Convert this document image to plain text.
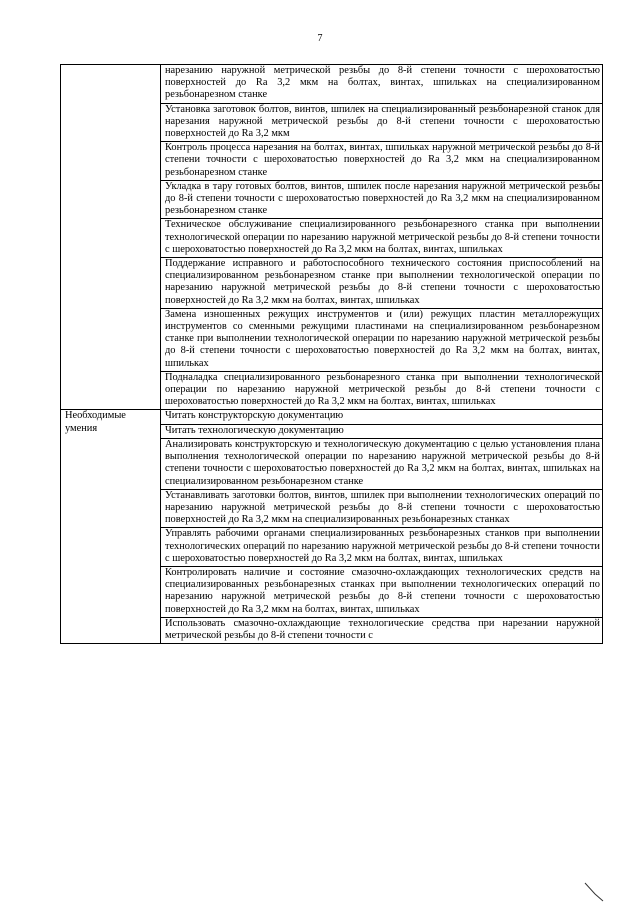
7
	нарезанию наружной метрической резьбы до 8-й степени точности с шероховатостью поверхностей до Ra 3,2 мкм на болтах, винтах, шпильках на специализированном резьбонарезном станке
	Установка заготовок болтов, винтов, шпилек на специализированный резьбонарезной станок для нарезания наружной метрической резьбы до 8-й степени точности с шероховатостью поверхностей до Ra 3,2 мкм
	Контроль процесса нарезания на болтах, винтах, шпильках наружной метрической резьбы до 8-й степени точности с шероховатостью поверхностей до Ra 3,2 мкм на специализированном резьбонарезном станке
	Укладка в тару готовых болтов, винтов, шпилек после нарезания наружной метрической резьбы до 8-й степени точности с шероховатостью поверхностей до Ra 3,2 мкм на специализированном резьбонарезном станке
	Техническое обслуживание специализированного резьбонарезного станка при выполнении технологической операции по нарезанию наружной метрической резьбы до 8-й степени точности с шероховатостью поверхностей до Ra 3,2 мкм на болтах, винтах, шпильках
	Поддержание исправного и работоспособного технического состояния приспособлений на специализированном резьбонарезном станке при выполнении технологической операции по нарезанию наружной метрической резьбы до 8-й степени точности с шероховатостью поверхностей до Ra 3,2 мкм на болтах, винтах, шпильках
	Замена изношенных режущих инструментов и (или) режущих пластин металлорежущих инструментов со сменными режущими пластинами на специализированном резьбонарезном станке при выполнении технологической операции по нарезанию наружной метрической резьбы до 8-й степени точности с шероховатостью поверхностей до Ra 3,2 мкм на болтах, винтах, шпильках
	Подналадка специализированного резьбонарезного станка при выполнении технологической операции по нарезанию наружной метрической резьбы до 8-й степени точности с шероховатостью поверхностей до Ra 3,2 мкм на болтах, винтах, шпильках
Необходимые умения	Читать конструкторскую документацию
	Читать технологическую документацию
	Анализировать конструкторскую и технологическую документацию с целью установления плана выполнения технологической операции по нарезанию наружной метрической резьбы до 8-й степени точности с шероховатостью поверхностей до Ra 3,2 мкм на болтах, винтах, шпильках на специализированном резьбонарезном станке
	Устанавливать заготовки болтов, винтов, шпилек при выполнении технологических операций по нарезанию наружной метрической резьбы до 8-й степени точности с шероховатостью поверхностей до Ra 3,2 мкм на специализированных резьбонарезных станках
	Управлять рабочими органами специализированных резьбонарезных станков при выполнении технологических операций по нарезанию наружной метрической резьбы до 8-й степени точности с шероховатостью поверхностей до Ra 3,2 мкм на болтах, винтах, шпильках
	Контролировать наличие и состояние смазочно-охлаждающих технологических средств на специализированных резьбонарезных станках при выполнении технологических операций по нарезанию наружной метрической резьбы до 8-й степени точности с шероховатостью поверхностей до Ra 3,2 мкм на болтах, винтах, шпильках
	Использовать смазочно-охлаждающие технологические средства при нарезании наружной метрической резьбы до 8-й степени точности с
